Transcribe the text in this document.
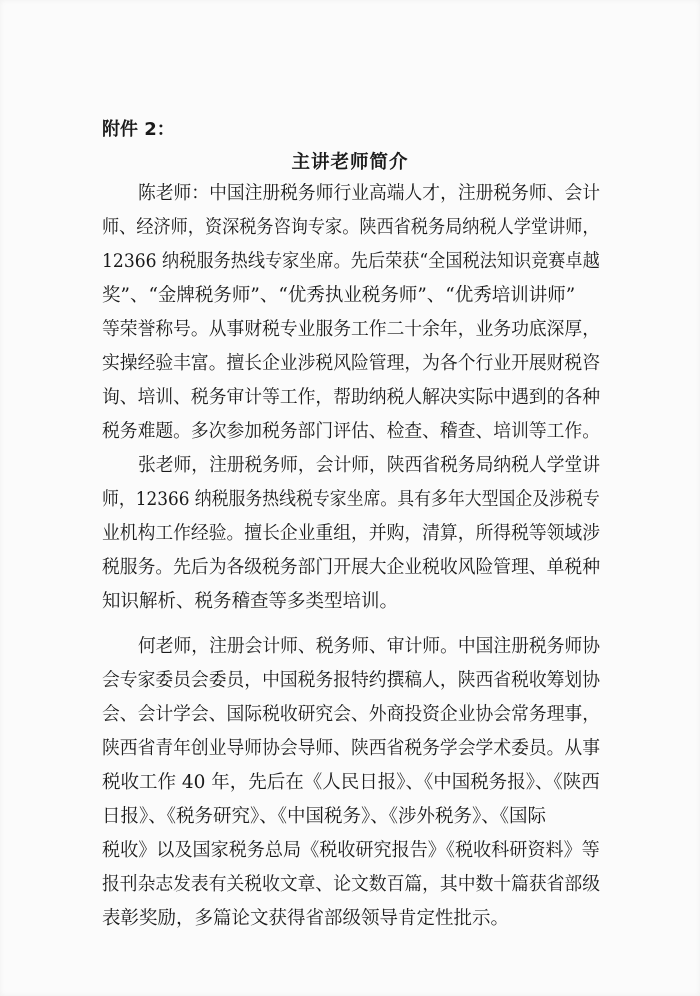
附件 2：
主讲老师简介
陈老师：中国注册税务师行业高端人才，注册税务师、会计
师、经济师，资深税务咨询专家。陕西省税务局纳税人学堂讲师，
12366 纳税服务热线专家坐席。先后荣获“全国税法知识竞赛卓越
奖”、“金牌税务师”、“优秀执业税务师”、“优秀培训讲师”
等荣誉称号。从事财税专业服务工作二十余年，业务功底深厚，
实操经验丰富。擅长企业涉税风险管理，为各个行业开展财税咨
询、培训、税务审计等工作，帮助纳税人解决实际中遇到的各种
税务难题。多次参加税务部门评估、检查、稽查、培训等工作。
张老师，注册税务师，会计师，陕西省税务局纳税人学堂讲
师，12366 纳税服务热线税专家坐席。具有多年大型国企及涉税专
业机构工作经验。擅长企业重组，并购，清算，所得税等领域涉
税服务。先后为各级税务部门开展大企业税收风险管理、单税种
知识解析、税务稽查等多类型培训。
何老师，注册会计师、税务师、审计师。中国注册税务师协
会专家委员会委员，中国税务报特约撰稿人，陕西省税收筹划协
会、会计学会、国际税收研究会、外商投资企业协会常务理事，
陕西省青年创业导师协会导师、陕西省税务学会学术委员。从事
税收工作 40 年，先后在《人民日报》、《中国税务报》、《陕西
日报》、《税务研究》、《中国税务》、《涉外税务》、《国际
税收》以及国家税务总局《税收研究报告》《税收科研资料》等
报刊杂志发表有关税收文章、论文数百篇，其中数十篇获省部级
表彰奖励，多篇论文获得省部级领导肯定性批示。
